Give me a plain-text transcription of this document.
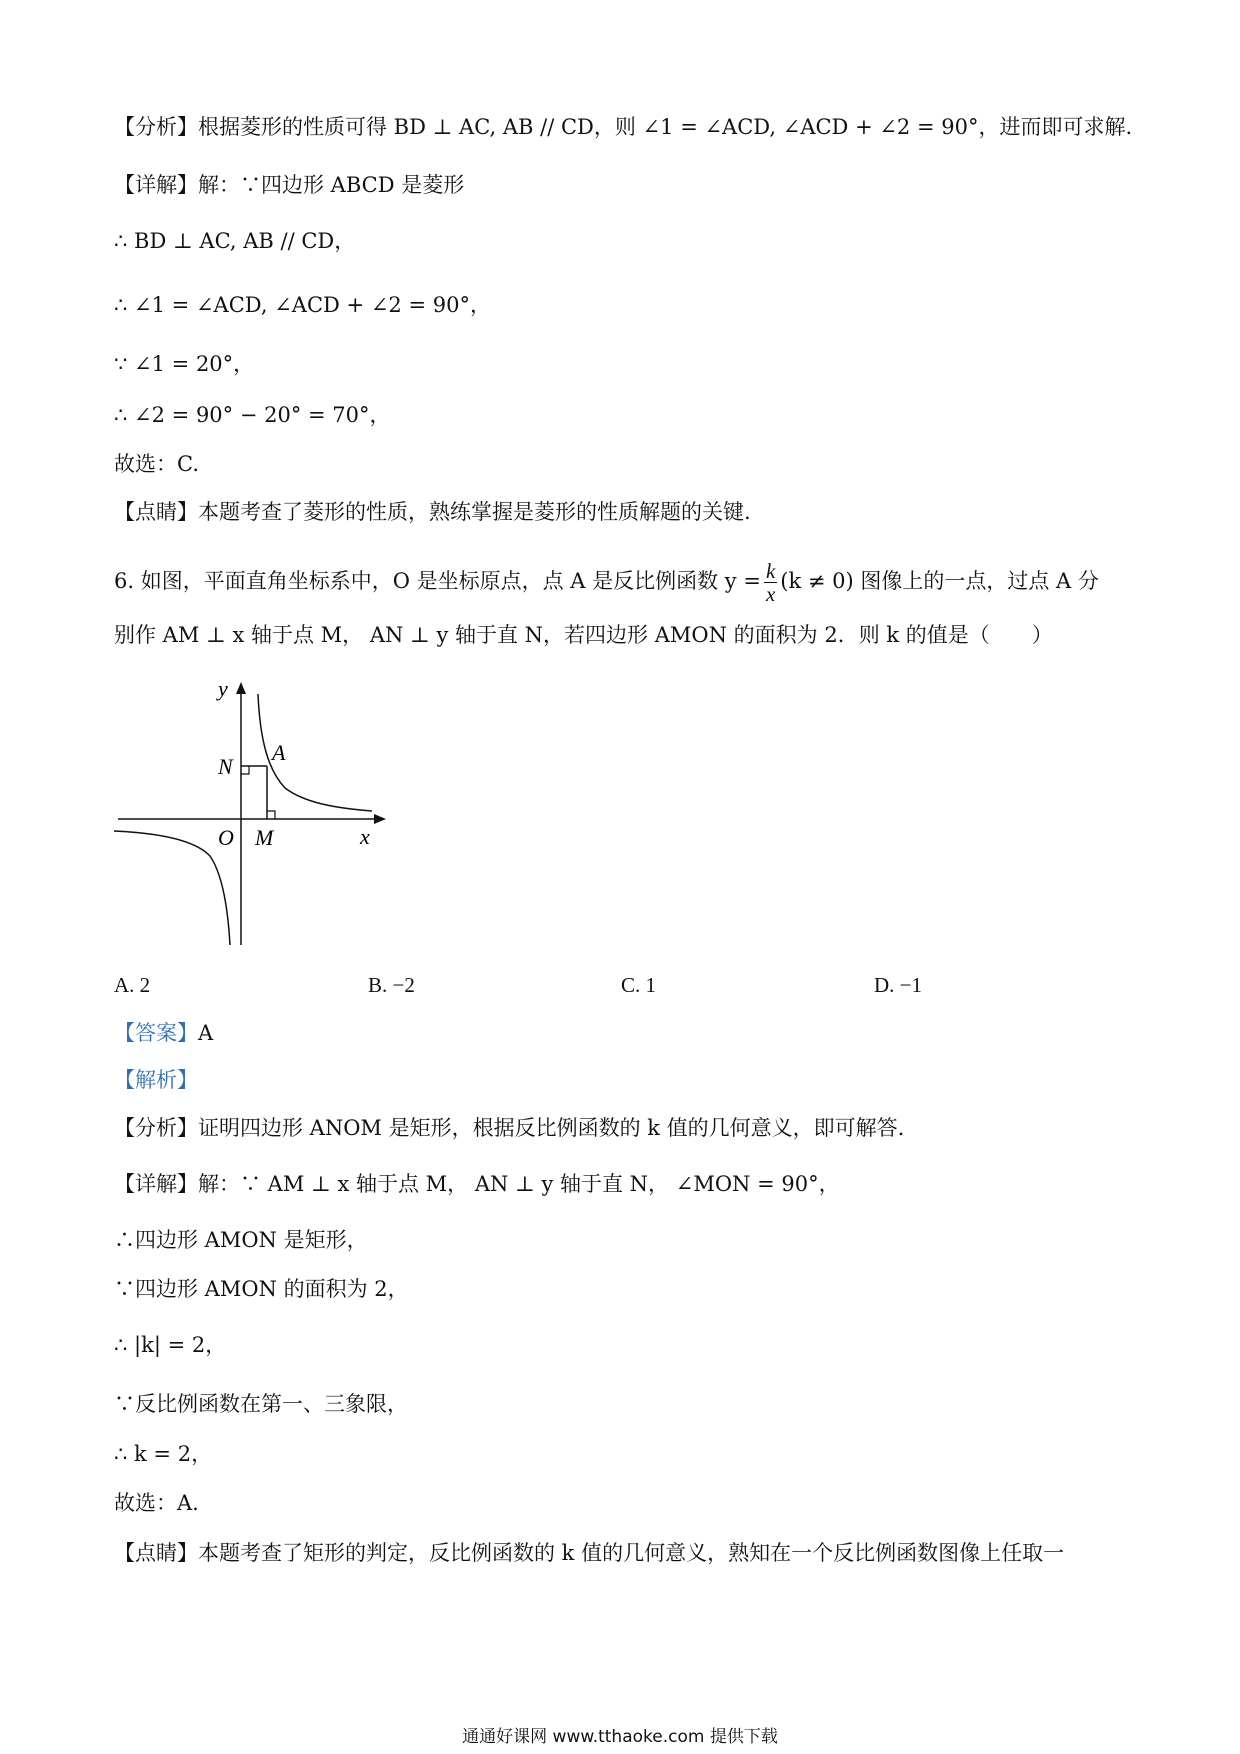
【分析】根据菱形的性质可得 BD ⊥ AC, AB // CD，则 ∠1 = ∠ACD, ∠ACD + ∠2 = 90°，进而即可求解.
【详解】解：∵四边形 ABCD 是菱形
∴ BD ⊥ AC, AB // CD，
∴ ∠1 = ∠ACD, ∠ACD + ∠2 = 90°，
∵ ∠1 = 20°，
∴ ∠2 = 90° − 20° = 70°，
故选：C.
【点睛】本题考查了菱形的性质，熟练掌握是菱形的性质解题的关键.
6. 如图，平面直角坐标系中，O 是坐标原点，点 A 是反比例函数 $y = \frac{k}{x} (k \ne 0)$ 图像上的一点，过点 A 分
别作 AM ⊥ x 轴于点 M， AN ⊥ y 轴于直 N，若四边形 AMON 的面积为 2．则 k 的值是（　　）
y
x
N
A
O M
A. 2	B. −2	C. 1	D. −1
【答案】A
【解析】
【分析】证明四边形 ANOM 是矩形，根据反比例函数的 k 值的几何意义，即可解答.
【详解】解：∵ AM ⊥ x 轴于点 M， AN ⊥ y 轴于直 N， ∠MON = 90°，
∴四边形 AMON 是矩形，
∵四边形 AMON 的面积为 2，
∴ |k| = 2，
∵反比例函数在第一、三象限，
∴ k = 2，
故选：A.
【点睛】本题考查了矩形的判定，反比例函数的 k 值的几何意义，熟知在一个反比例函数图像上任取一
通通好课网 www.tthaoke.com 提供下载
